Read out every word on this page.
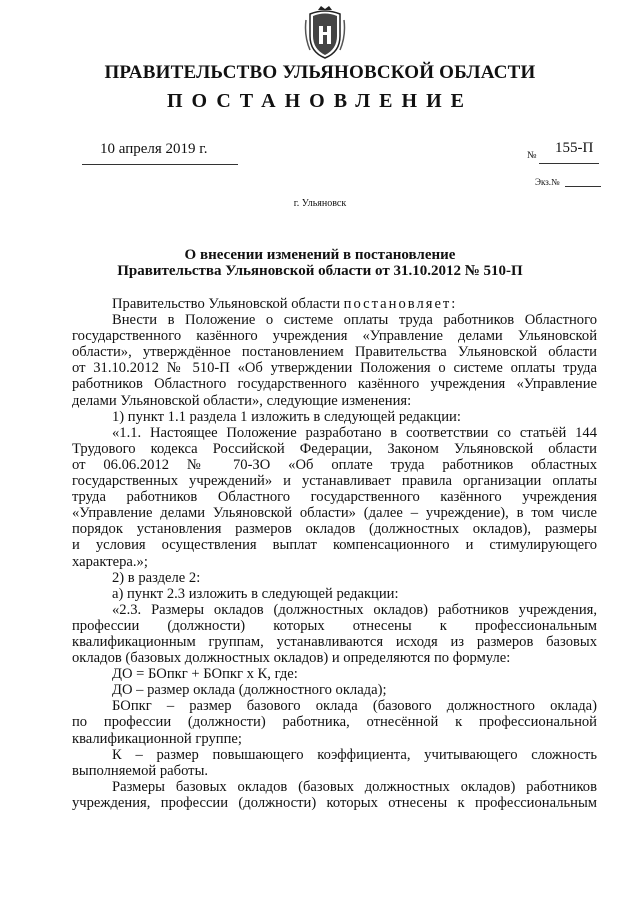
ПРАВИТЕЛЬСТВО УЛЬЯНОВСКОЙ ОБЛАСТИ
ПОСТАНОВЛЕНИЕ
10 апреля 2019 г.	№ 155-П
Экз.№
г. Ульяновск
О внесении изменений в постановление
Правительства Ульяновской области от 31.10.2012 № 510-П

Правительство Ульяновской области постановляет:

Внести в Положение о системе оплаты труда работников Областного

государственного казённого учреждения «Управление делами Ульяновской

области», утверждённое постановлением Правительства Ульяновской области

от 31.10.2012 № 510-П «Об утверждении Положения о системе оплаты труда

работников Областного государственного казённого учреждения «Управление

делами Ульяновской области», следующие изменения:

1) пункт 1.1 раздела 1 изложить в следующей редакции:

«1.1. Настоящее Положение разработано в соответствии со статьёй 144

Трудового кодекса Российской Федерации, Законом Ульяновской области

от 06.06.2012 № 70-ЗО «Об оплате труда работников областных

государственных учреждений» и устанавливает правила организации оплаты

труда работников Областного государственного казённого учреждения

«Управление делами Ульяновской области» (далее – учреждение), в том числе

порядок установления размеров окладов (должностных окладов), размеры

и условия осуществления выплат компенсационного и стимулирующего

характера.»;

2) в разделе 2:

а) пункт 2.3 изложить в следующей редакции:

«2.3. Размеры окладов (должностных окладов) работников учреждения,

профессии (должности) которых отнесены к профессиональным

квалификационным группам, устанавливаются исходя из размеров базовых

окладов (базовых должностных окладов) и определяются по формуле:

ДО = БОпкг + БОпкг х К, где:

ДО – размер оклада (должностного оклада);

БОпкг – размер базового оклада (базового должностного оклада)

по профессии (должности) работника, отнесённой к профессиональной

квалификационной группе;

К – размер повышающего коэффициента, учитывающего сложность

выполняемой работы.

Размеры базовых окладов (базовых должностных окладов) работников

учреждения, профессии (должности) которых отнесены к профессиональным
